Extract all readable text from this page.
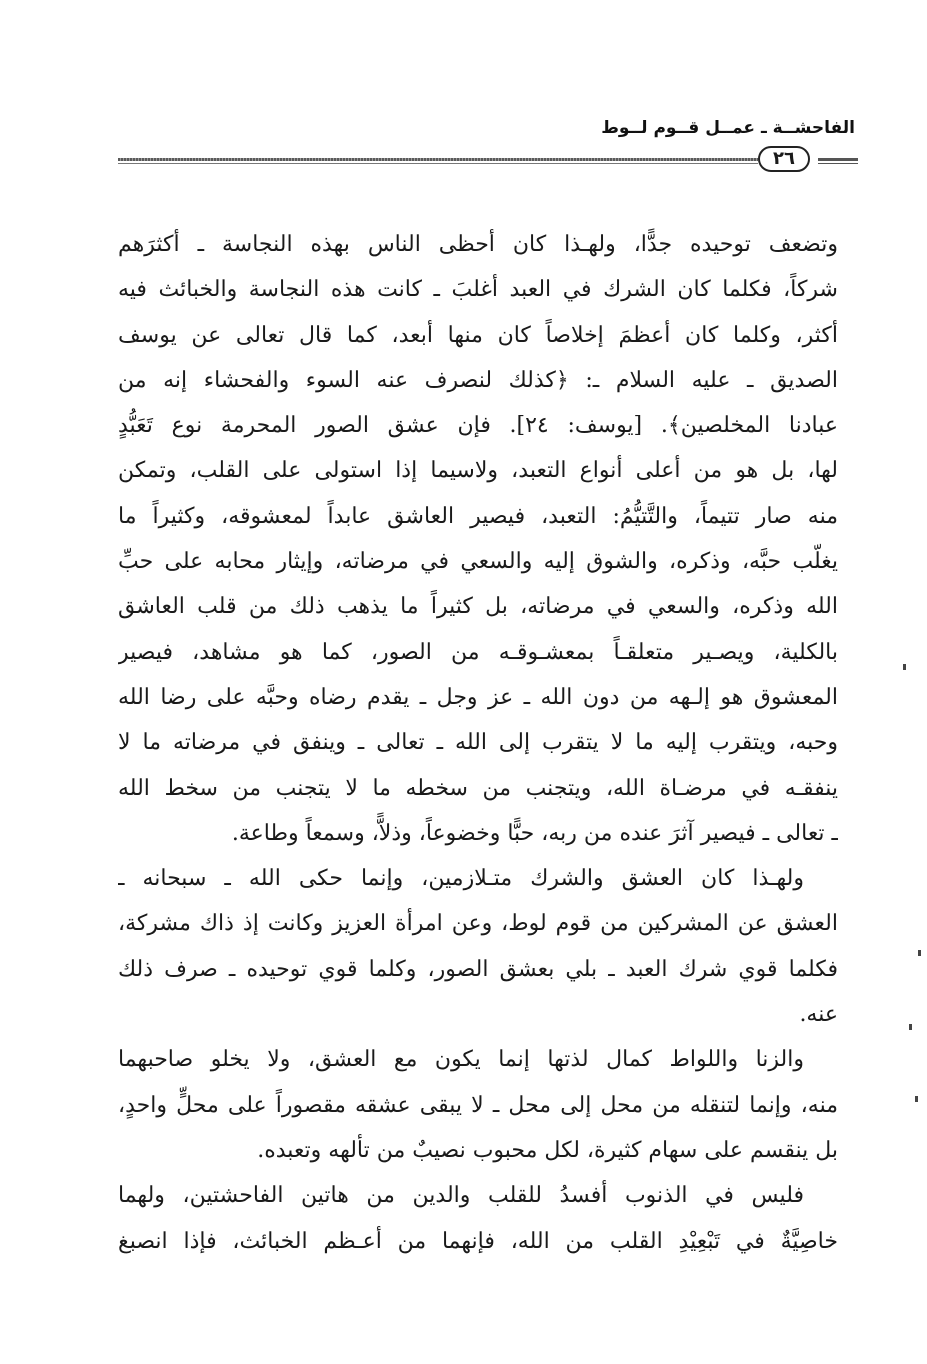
الفاحشــة ـ عمــل قــوم لــوط
٢٦
وتضعف توحيده جدًّا، ولهـذا كان أحظى الناس بهذه النجاسة ـ أكثرَهم
شركاً، فكلما كان الشرك في العبد أغلبَ ـ كانت هذه النجاسة والخبائث فيه
أكثر، وكلما كان أعظمَ إخلاصاً كان منها أبعد، كما قال تعالى عن يوسف
الصديق ـ عليه السلام ـ: ﴿كذلك لنصرف عنه السوء والفحشاء إنه من
عبادنا المخلصين﴾. [يوسف: ٢٤]. فإن عشق الصور المحرمة نوع تَعَبُّدٍ
لها، بل هو من أعلى أنواع التعبد، ولاسيما إذا استولى على القلب، وتمكن
منه صار تتيماً، والتَّتيُّمُ: التعبد، فيصير العاشق عابداً لمعشوقه، وكثيراً ما
يغلّب حبَّه، وذكره، والشوق إليه والسعي في مرضاته، وإيثار محابه على حبِّ
الله وذكره، والسعي في مرضاته، بل كثيراً ما يذهب ذلك من قلب العاشق
بالكلية، ويصـير متعلقـاً بمعشـوقـه من الصور، كما هو مشاهد، فيصير
المعشوق هو إلـهه من دون الله ـ عز وجل ـ يقدم رضاه وحبَّه على رضا الله
وحبه، ويتقرب إليه ما لا يتقرب إلى الله ـ تعالى ـ وينفق في مرضاته ما لا
ينفقـه في مرضـاة الله، ويتجنب من سخطه ما لا يتجنب من سخط الله
ـ تعالى ـ فيصير آثرَ عنده من ربه، حبًّا وخضوعاً، وذلاًّ، وسمعاً وطاعة.
ولهـذا كان العشق والشرك متـلازمين، وإنما حكى الله ـ سبحانه ـ
العشق عن المشركين من قوم لوط، وعن امرأة العزيز وكانت إذ ذاك مشركة،
فكلما قوي شرك العبد ـ بلي بعشق الصور، وكلما قوي توحيده ـ صرف ذلك
عنه.
والزنا واللواط كمال لذتها إنما يكون مع العشق، ولا يخلو صاحبهما
منه، وإنما لتنقله من محل إلى محل ـ لا يبقى عشقه مقصوراً على محلٍّ واحدٍ،
بل ينقسم على سهام كثيرة، لكل محبوب نصيبٌ من تألهه وتعبده.
فليس في الذنوب أفسدُ للقلب والدين من هاتين الفاحشتين، ولهما
خاصِيَّةٌ في تَبْعِيْدِ القلب من الله، فإنهما من أعـظم الخبائث، فإذا انصبغ
